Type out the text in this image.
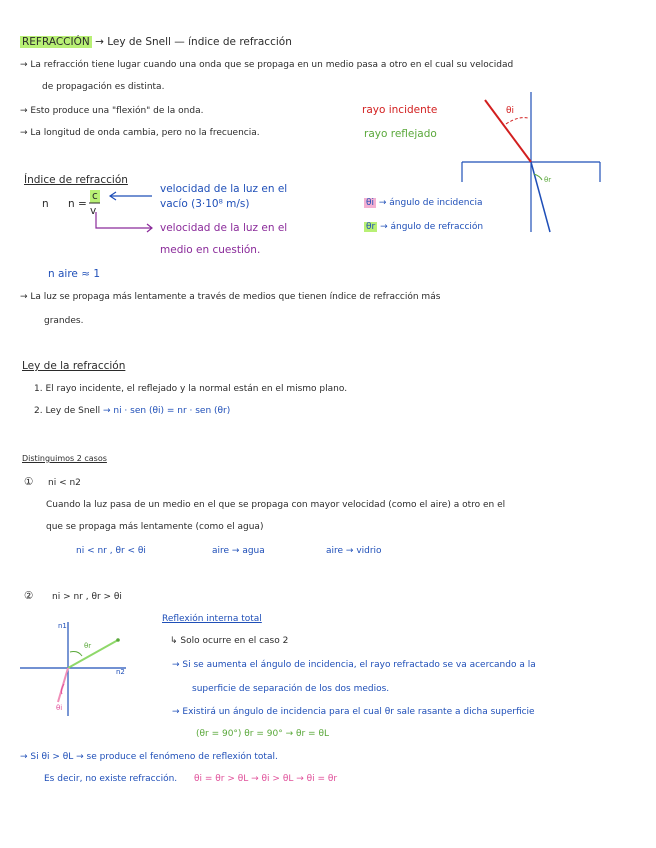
REFRACCIÓN → Ley de Snell — índice de refracción
→ La refracción tiene lugar cuando una onda que se propaga en un medio pasa a otro en el cual su velocidad
de propagación es distinta.
→ Esto produce una "flexión" de la onda.
→ La longitud de onda cambia, pero no la frecuencia.
rayo incidente
rayo reflejado
θi
θr
θi → ángulo de incidencia
θr → ángulo de refracción
Índice de refracción
n n =
c
v
velocidad de la luz en el
vacío (3·10⁸ m/s)
velocidad de la luz en el
medio en cuestión.
n aire ≈ 1
→ La luz se propaga más lentamente a través de medios que tienen índice de refracción más
grandes.
Ley de la refracción
1. El rayo incidente, el reflejado y la normal están en el mismo plano.
2. Ley de Snell → ni · sen (θi) = nr · sen (θr)
Distinguimos 2 casos
① ni < n2
Cuando la luz pasa de un medio en el que se propaga con mayor velocidad (como el aire) a otro en el
que se propaga más lentamente (como el agua)
ni < nr , θr < θi	aire → agua	aire → vidrio
② ni > nr , θr > θi
Reflexión interna total
↳ Solo ocurre en el caso 2
→ Si se aumenta el ángulo de incidencia, el rayo refractado se va acercando a la
superficie de separación de los dos medios.
→ Existirá un ángulo de incidencia para el cual θr sale rasante a dicha superficie
(θr = 90°) θr = 90° → θr = θL
n1
n2
θr
θi
→ Si θi > θL → se produce el fenómeno de reflexión total.
Es decir, no existe refracción. θi = θr > θL → θi > θL → θi = θr
